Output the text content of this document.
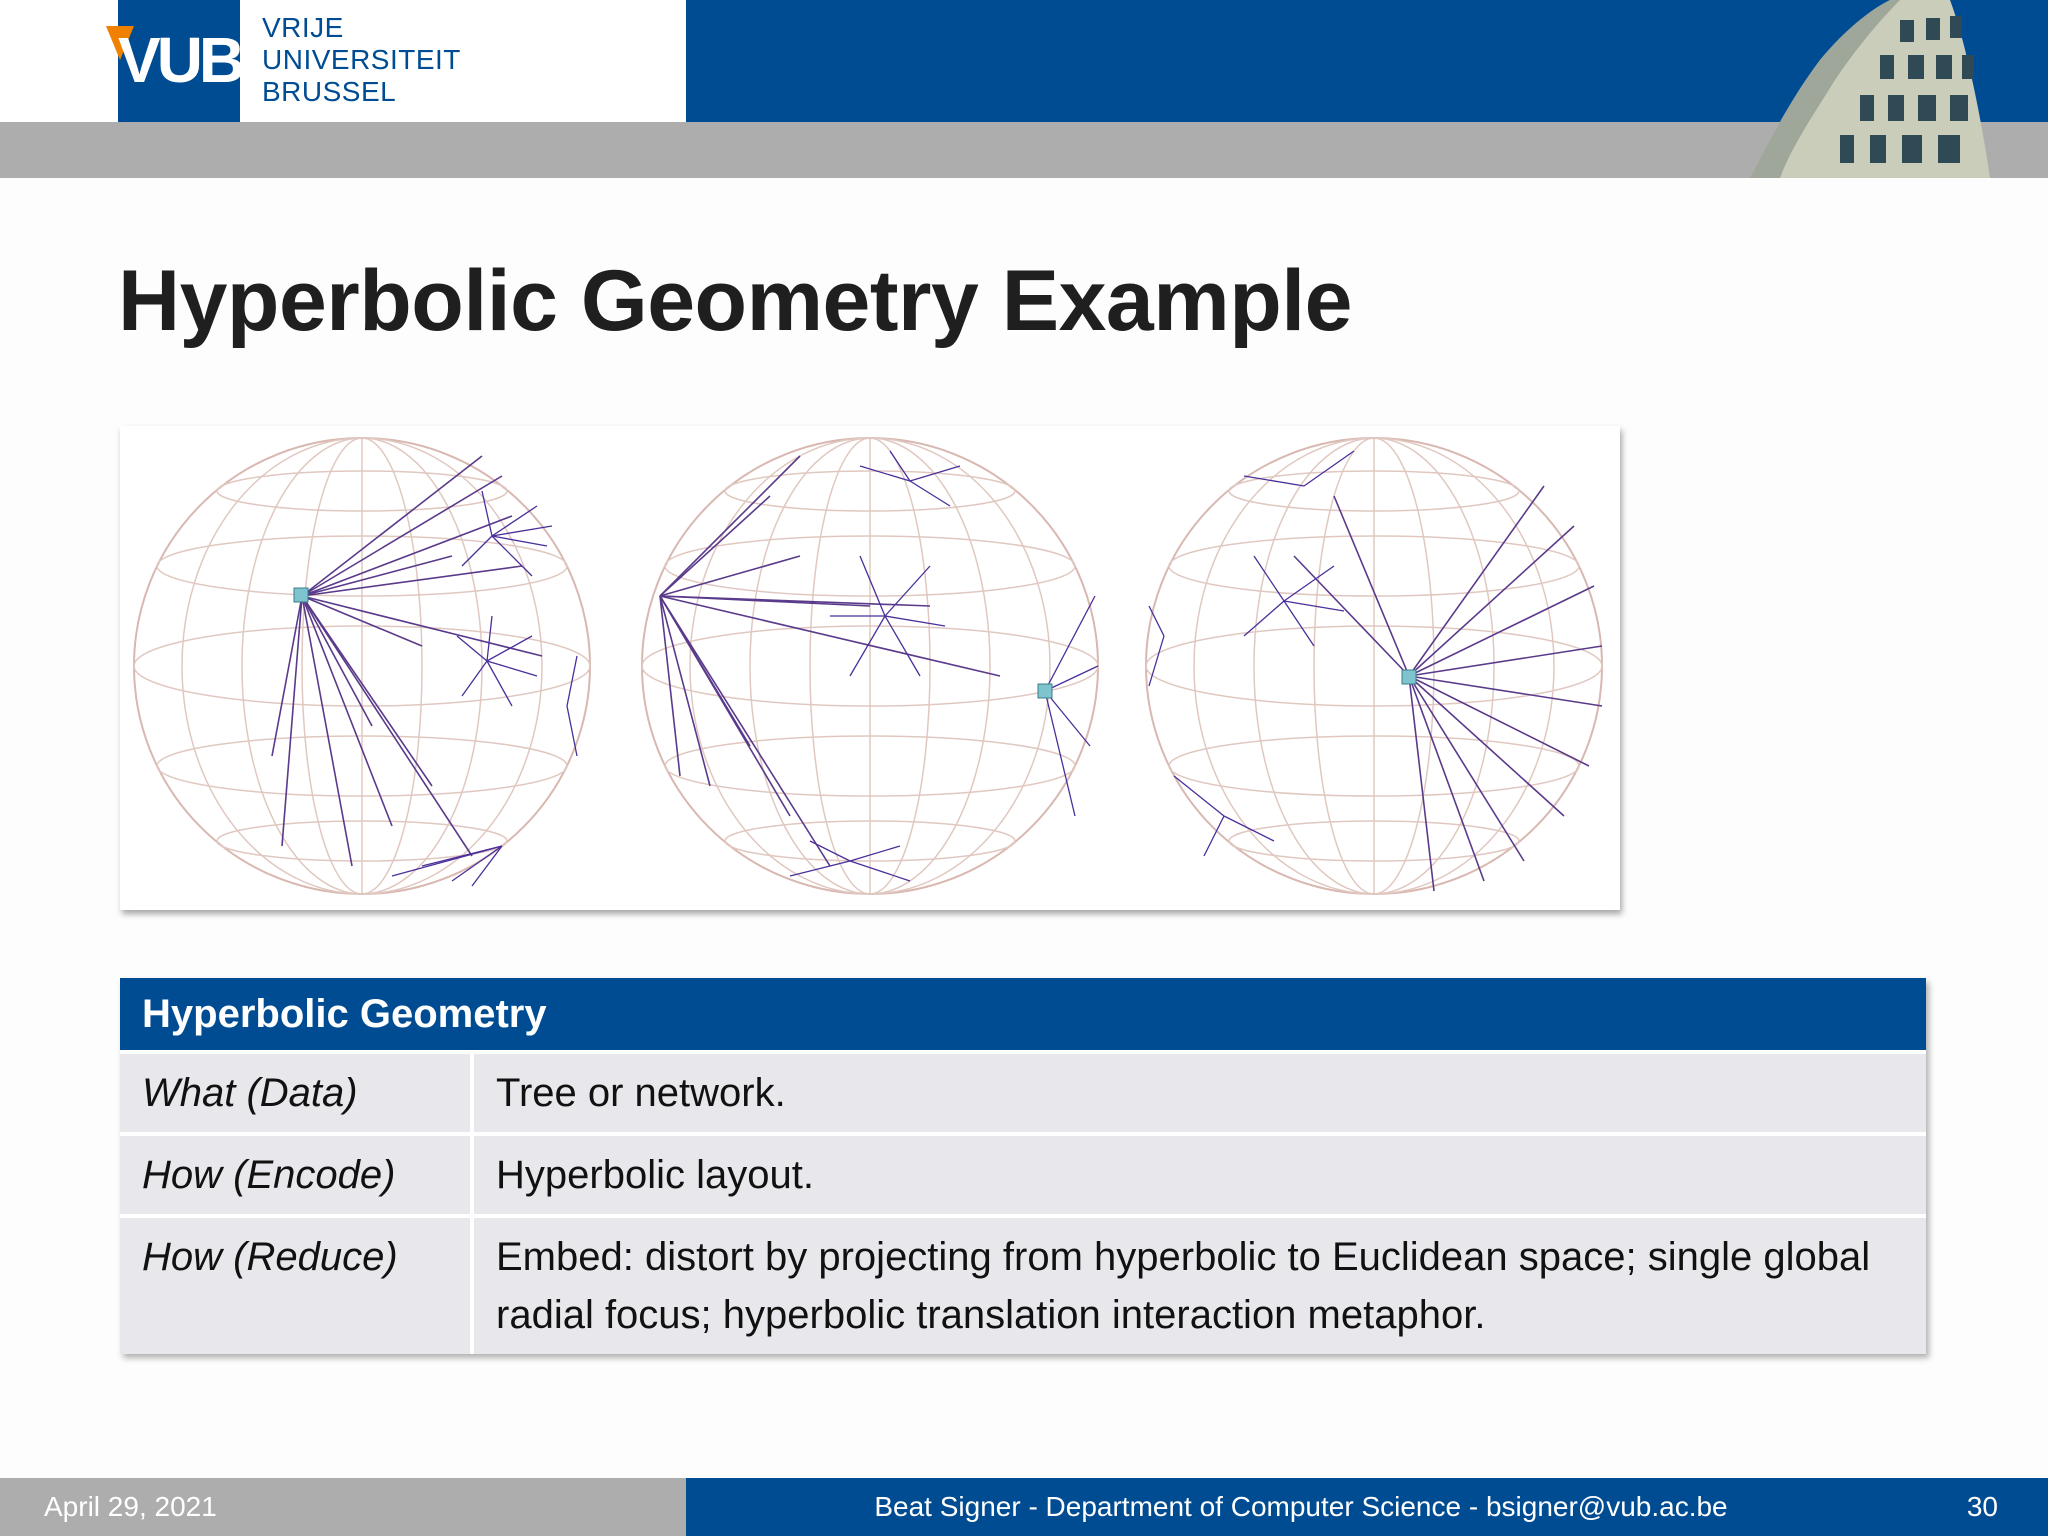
VUB VRIJE
UNIVERSITEIT
BRUSSEL
Hyperbolic Geometry Example
Hyperbolic Geometry	
What (Data)	Tree or network.
How (Encode)	Hyperbolic layout.
How (Reduce)	Embed: distort by projecting from hyperbolic to Euclidean space; single global radial focus; hyperbolic translation interaction metaphor.
April 29, 2021	Beat Signer - Department of Computer Science - bsigner@vub.ac.be	30
